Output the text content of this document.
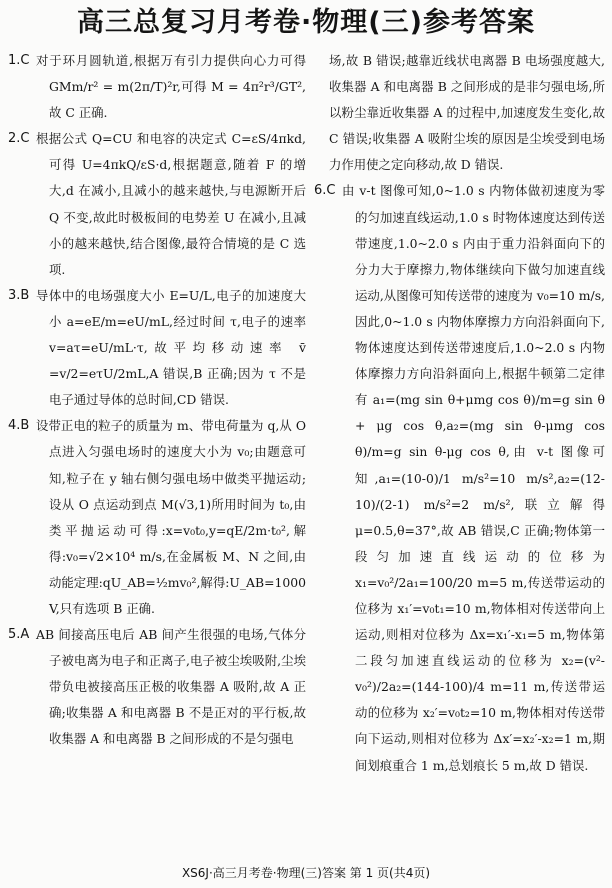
高三总复习月考卷·物理(三)参考答案
1.C 对于环月圆轨道,根据万有引力提供向心力可得 GMm/r² = m(2π/T)²r,可得 M = 4π²r³/GT²,故 C 正确.
2.C 根据公式 Q=CU 和电容的决定式 C=εS/4πkd,可得 U=4πkQ/εS·d,根据题意,随着 F 的增大,d 在减小,且减小的越来越快,与电源断开后 Q 不变,故此时极板间的电势差 U 在减小,且减小的越来越快,结合图像,最符合情境的是 C 选项.
3.B 导体中的电场强度大小 E=U/L,电子的加速度大小 a=eE/m=eU/mL,经过时间 τ,电子的速率 v=aτ=eU/mL·τ,故平均移动速率 v̄ =v/2=eτU/2mL,A 错误,B 正确;因为 τ 不是电子通过导体的总时间,CD 错误.
4.B 设带正电的粒子的质量为 m、带电荷量为 q,从 O 点进入匀强电场时的速度大小为 v₀;由题意可知,粒子在 y 轴右侧匀强电场中做类平抛运动;设从 O 点运动到点 M(√3,1)所用时间为 t₀,由类平抛运动可得:x=v₀t₀,y=qE/2m·t₀²,解得:v₀=√2×10⁴ m/s,在金属板 M、N 之间,由动能定理:qU_AB=½mv₀²,解得:U_AB=1000 V,只有选项 B 正确.
5.A AB 间接高压电后 AB 间产生很强的电场,气体分子被电离为电子和正离子,电子被尘埃吸附,尘埃带负电被接高压正极的收集器 A 吸附,故 A 正确;收集器 A 和电离器 B 不是正对的平行板,故收集器 A 和电离器 B 之间形成的不是匀强电
场,故 B 错误;越靠近线状电离器 B 电场强度越大,收集器 A 和电离器 B 之间形成的是非匀强电场,所以粉尘靠近收集器 A 的过程中,加速度发生变化,故 C 错误;收集器 A 吸附尘埃的原因是尘埃受到电场力作用使之定向移动,故 D 错误.
6.C 由 v-t 图像可知,0~1.0 s 内物体做初速度为零的匀加速直线运动,1.0 s 时物体速度达到传送带速度,1.0~2.0 s 内由于重力沿斜面向下的分力大于摩擦力,物体继续向下做匀加速直线运动,从图像可知传送带的速度为 v₀=10 m/s,因此,0~1.0 s 内物体摩擦力方向沿斜面向下,物体速度达到传送带速度后,1.0~2.0 s 内物体摩擦力方向沿斜面向上,根据牛顿第二定律有 a₁=(mg sin θ+μmg cos θ)/m=g sin θ + μg cos θ,a₂=(mg sin θ-μmg cos θ)/m=g sin θ-μg cos θ,由 v-t 图像可知,a₁=(10-0)/1 m/s²=10 m/s²,a₂=(12-10)/(2-1) m/s²=2 m/s²,联立解得 μ=0.5,θ=37°,故 AB 错误,C 正确;物体第一段匀加速直线运动的位移为 x₁=v₀²/2a₁=100/20 m=5 m,传送带运动的位移为 x₁′=v₀t₁=10 m,物体相对传送带向上运动,则相对位移为 Δx=x₁′-x₁=5 m,物体第二段匀加速直线运动的位移为 x₂=(v²-v₀²)/2a₂=(144-100)/4 m=11 m,传送带运动的位移为 x₂′=v₀t₂=10 m,物体相对传送带向下运动,则相对位移为 Δx′=x₂′-x₂=1 m,期间划痕重合 1 m,总划痕长 5 m,故 D 错误.
XS6J·高三月考卷·物理(三)答案 第 1 页(共4页)
